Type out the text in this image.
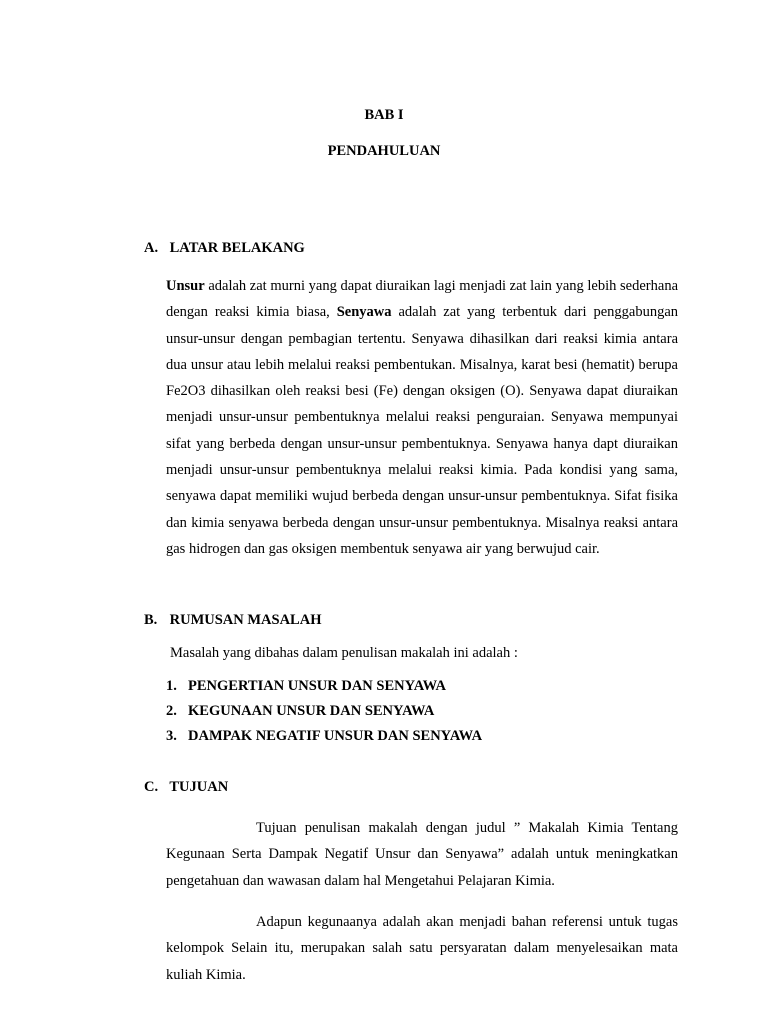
BAB I
PENDAHULUAN
A. LATAR BELAKANG

Unsur adalah zat murni yang dapat diuraikan lagi menjadi zat lain yang lebih sederhana dengan reaksi kimia biasa, Senyawa adalah zat yang terbentuk dari penggabungan unsur-unsur dengan pembagian tertentu. Senyawa dihasilkan dari reaksi kimia antara dua unsur atau lebih melalui reaksi pembentukan. Misalnya, karat besi (hematit) berupa Fe2O3 dihasilkan oleh reaksi besi (Fe) dengan oksigen (O). Senyawa dapat diuraikan menjadi unsur-unsur pembentuknya melalui reaksi penguraian. Senyawa mempunyai sifat yang berbeda dengan unsur-unsur pembentuknya. Senyawa hanya dapt diuraikan menjadi unsur-unsur pembentuknya melalui reaksi kimia. Pada kondisi yang sama, senyawa dapat memiliki wujud berbeda dengan unsur-unsur pembentuknya. Sifat fisika dan kimia senyawa berbeda dengan unsur-unsur pembentuknya. Misalnya reaksi antara gas hidrogen dan gas oksigen membentuk senyawa air yang berwujud cair.

B. RUMUSAN MASALAH
Masalah yang dibahas dalam penulisan makalah ini adalah :
1. PENGERTIAN UNSUR DAN SENYAWA
2. KEGUNAAN UNSUR DAN SENYAWA
3. DAMPAK NEGATIF UNSUR DAN SENYAWA
C. TUJUAN

Tujuan penulisan makalah dengan judul ” Makalah Kimia Tentang Kegunaan Serta Dampak Negatif Unsur dan Senyawa” adalah untuk meningkatkan pengetahuan dan wawasan dalam hal Mengetahui Pelajaran Kimia.

Adapun kegunaanya adalah akan menjadi bahan referensi untuk tugas kelompok Selain itu, merupakan salah satu persyaratan dalam menyelesaikan mata kuliah Kimia.
